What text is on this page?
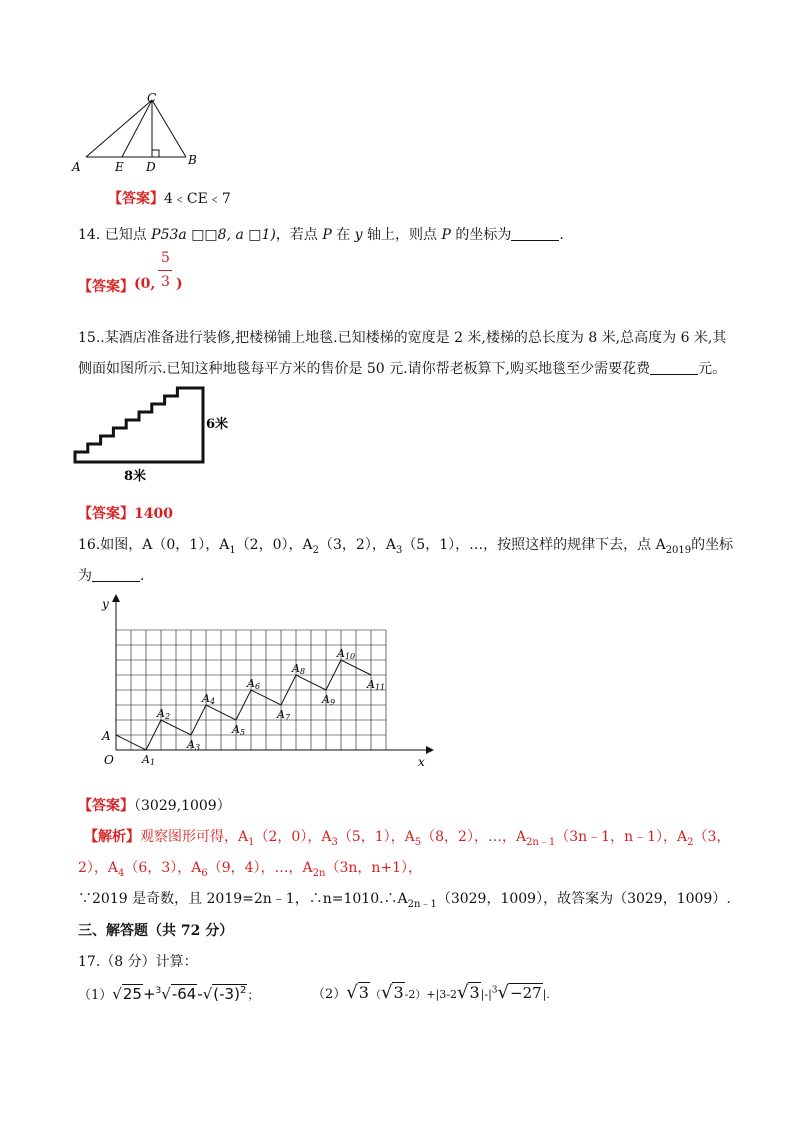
C
A	E D	B
【答案】4﹤CE﹤7
14. 已知点 P53a □□8, a □1)，若点 P 在 y 轴上，则点 P 的坐标为	.
【答案】 (0,
5
3 )
15..某酒店准备进行装修,把楼梯铺上地毯.已知楼梯的宽度是 2 米,楼梯的总长度为 8 米,总高度为 6 米,其
侧面如图所示.已知这种地毯每平方米的售价是 50 元.请你帮老板算下,购买地毯至少需要花费	元。
6米
8米
【答案】1400
16.如图，A（0，1），$A_1(2$，0），$A_2(3$，2），$A_3(5$，1），…，按照这样的规律下去，点 $A_{2019}$的坐标
为	.
y
x
O
A
A1
A2
A3
A4
A5
A6
A7
A8
A9
A10
A11
【答案】（3029,1009）
【解析】观察图形可得，$A_1(2$，0），$A_3(5$，1），$A_5(8$，2），…，$A_{2n﹣1}(3n﹣1$，n﹣1），$A_2(3$，
2），$A_4(6$，3），$A_6(9$，4），…，$A_{2n}(3n$，n+1），
∵2019 是奇数，且 2019=2n﹣1，$\therefore n=1010.\therefore A_{2n﹣1}(3029$，1009），故答案为（3029，1009）.
三、解答题（共 72 分）
17.（8 分）计算：
$(1)√25+^3√-64-√(-3)^2$；	$(2)√3(√3-2)+|3-2√3|-|^3√-27|$.
